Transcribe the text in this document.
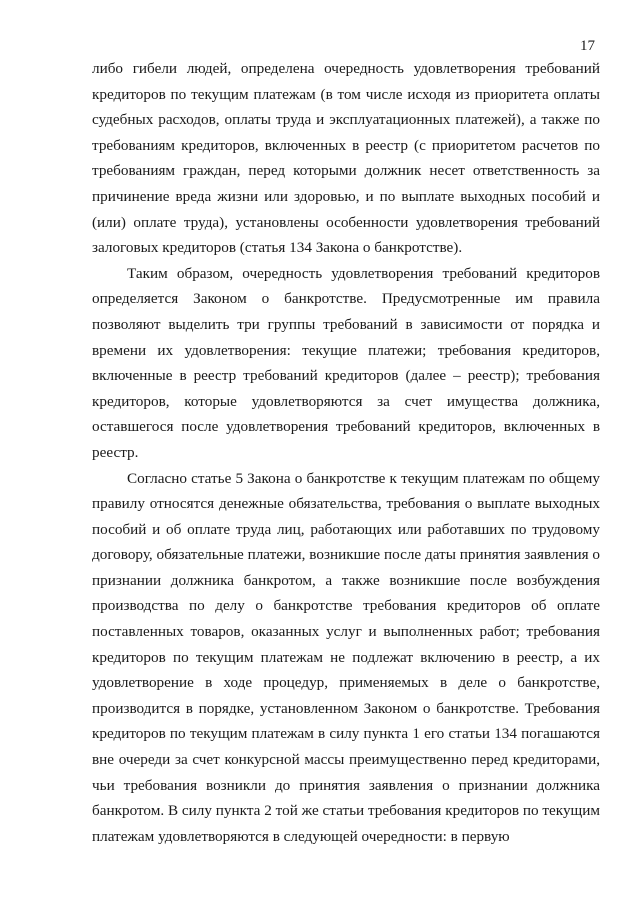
17

либо гибели людей, определена очередность удовлетворения требований кредиторов по текущим платежам (в том числе исходя из приоритета оплаты судебных расходов, оплаты труда и эксплуатационных платежей), а также по требованиям кредиторов, включенных в реестр (с приоритетом расчетов по требованиям граждан, перед которыми должник несет ответственность за причинение вреда жизни или здоровью, и по выплате выходных пособий и (или) оплате труда), установлены особенности удовлетворения требований залоговых кредиторов (статья 134 Закона о банкротстве).

Таким образом, очередность удовлетворения требований кредиторов определяется Законом о банкротстве. Предусмотренные им правила позволяют выделить три группы требований в зависимости от порядка и времени их удовлетворения: текущие платежи; требования кредиторов, включенные в реестр требований кредиторов (далее – реестр); требования кредиторов, которые удовлетворяются за счет имущества должника, оставшегося после удовлетворения требований кредиторов, включенных в реестр.

Согласно статье 5 Закона о банкротстве к текущим платежам по общему правилу относятся денежные обязательства, требования о выплате выходных пособий и об оплате труда лиц, работающих или работавших по трудовому договору, обязательные платежи, возникшие после даты принятия заявления о признании должника банкротом, а также возникшие после возбуждения производства по делу о банкротстве требования кредиторов об оплате поставленных товаров, оказанных услуг и выполненных работ; требования кредиторов по текущим платежам не подлежат включению в реестр, а их удовлетворение в ходе процедур, применяемых в деле о банкротстве, производится в порядке, установленном Законом о банкротстве. Требования кредиторов по текущим платежам в силу пункта 1 его статьи 134 погашаются вне очереди за счет конкурсной массы преимущественно перед кредиторами, чьи требования возникли до принятия заявления о признании должника банкротом. В силу пункта 2 той же статьи требования кредиторов по текущим платежам удовлетворяются в следующей очередности: в первую
